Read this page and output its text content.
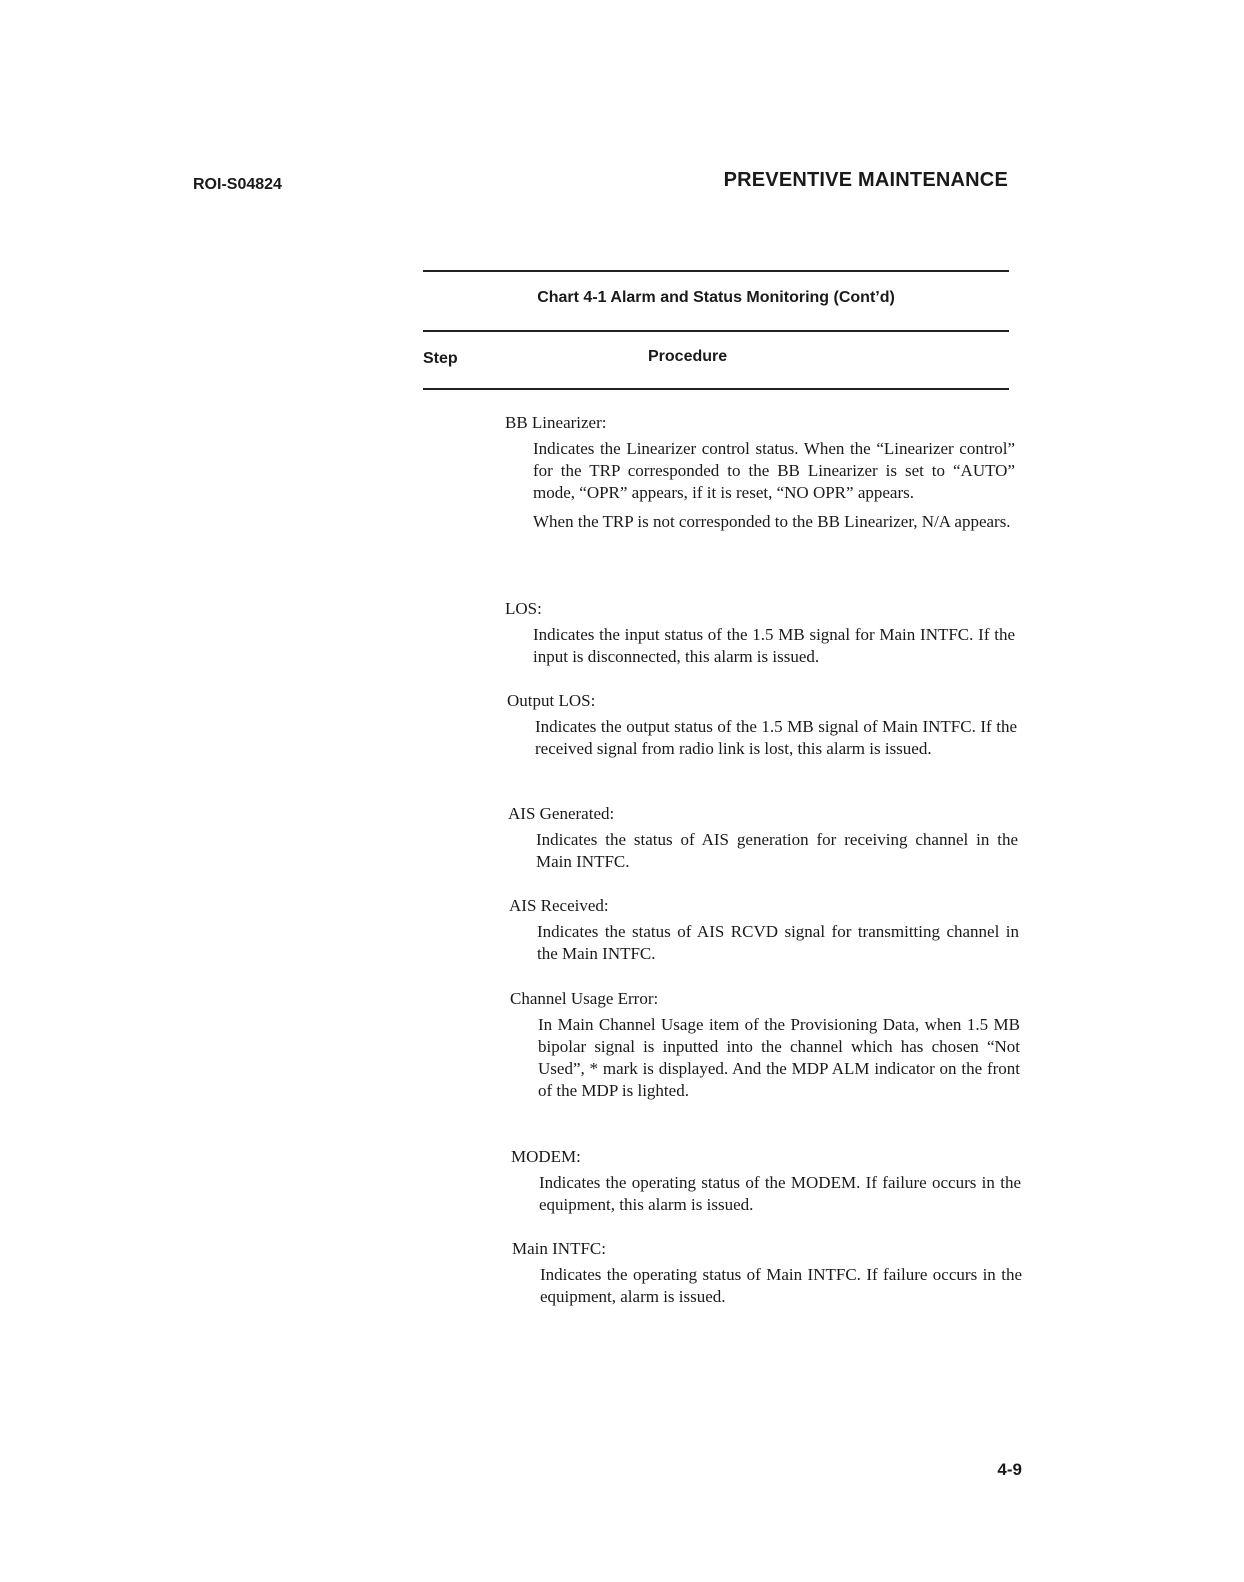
ROI-S04824	PREVENTIVE MAINTENANCE
Chart 4-1 Alarm and Status Monitoring (Cont’d)
Step	Procedure
BB Linearizer:
Indicates the Linearizer control status. When the “Linearizer control” for the TRP corresponded to the BB Linearizer is set to “AUTO” mode, “OPR” appears, if it is reset, “NO OPR” appears.
When the TRP is not corresponded to the BB Linearizer, N/A appears.
LOS:
Indicates the input status of the 1.5 MB signal for Main INTFC. If the input is disconnected, this alarm is issued.
Output LOS:
Indicates the output status of the 1.5 MB signal of Main INTFC. If the received signal from radio link is lost, this alarm is issued.
AIS Generated:
Indicates the status of AIS generation for receiving channel in the Main INTFC.
AIS Received:
Indicates the status of AIS RCVD signal for transmitting channel in the Main INTFC.
Channel Usage Error:
In Main Channel Usage item of the Provisioning Data, when 1.5 MB bipolar signal is inputted into the channel which has chosen “Not Used”, * mark is displayed. And the MDP ALM indicator on the front of the MDP is lighted.
MODEM:
Indicates the operating status of the MODEM. If failure occurs in the equipment, this alarm is issued.
Main INTFC:
Indicates the operating status of Main INTFC. If failure occurs in the equipment, alarm is issued.
4-9
